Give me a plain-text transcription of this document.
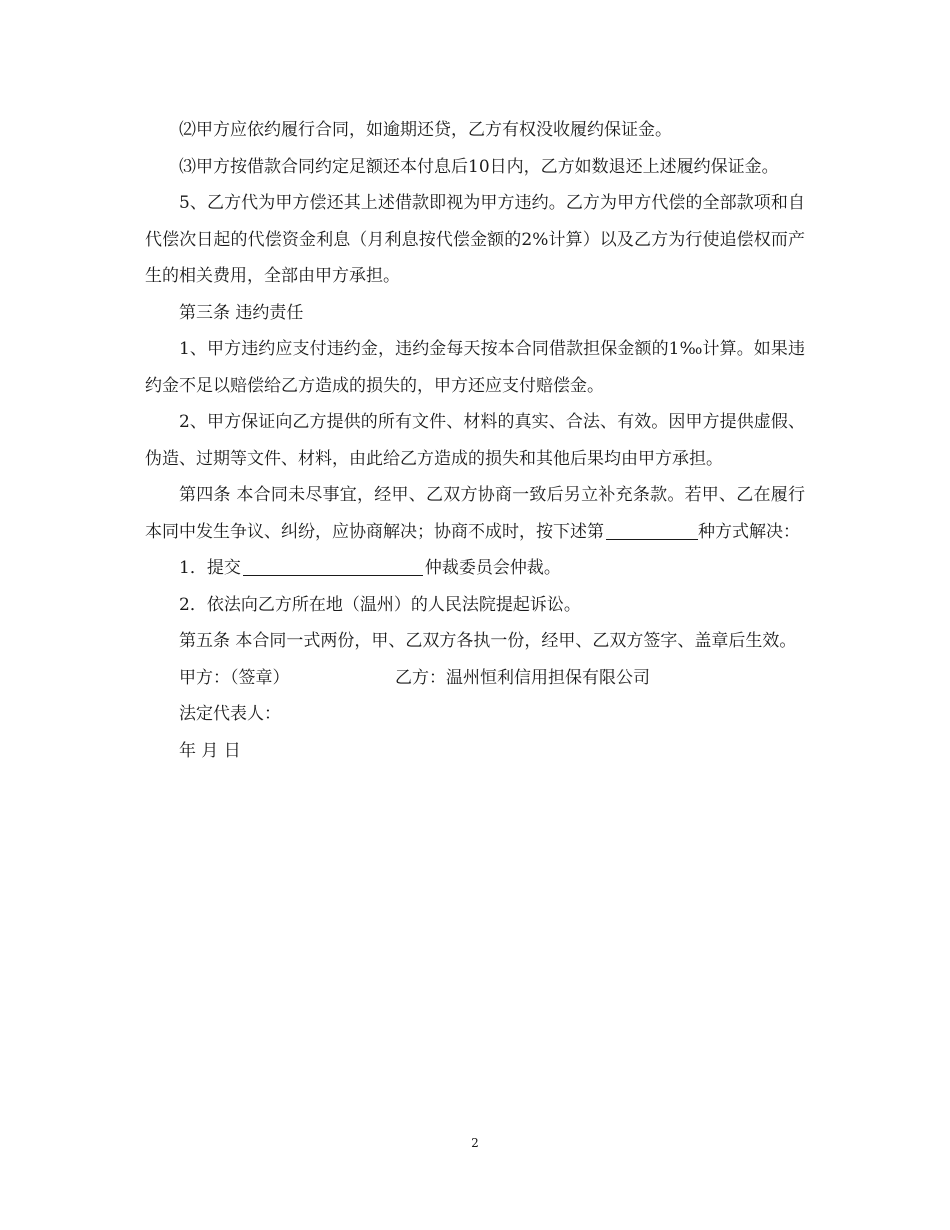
⑵甲方应依约履行合同，如逾期还贷，乙方有权没收履约保证金。

⑶甲方按借款合同约定足额还本付息后10日内，乙方如数退还上述履约保证金。

5、乙方代为甲方偿还其上述借款即视为甲方违约。乙方为甲方代偿的全部款项和自代偿次日起的代偿资金利息（月利息按代偿金额的2%计算）以及乙方为行使追偿权而产生的相关费用，全部由甲方承担。

第三条 违约责任

1、甲方违约应支付违约金，违约金每天按本合同借款担保金额的1‰计算。如果违约金不足以赔偿给乙方造成的损失的，甲方还应支付赔偿金。

2、甲方保证向乙方提供的所有文件、材料的真实、合法、有效。因甲方提供虚假、伪造、过期等文件、材料，由此给乙方造成的损失和其他后果均由甲方承担。

第四条 本合同未尽事宜，经甲、乙双方协商一致后另立补充条款。若甲、乙在履行本同中发生争议、纠纷，应协商解决；协商不成时，按下述第	种方式解决：

1．提交	仲裁委员会仲裁。

2．依法向乙方所在地（温州）的人民法院提起诉讼。

第五条 本合同一式两份，甲、乙双方各执一份，经甲、乙双方签字、盖章后生效。

甲方：（签章）	乙方：温州恒利信用担保有限公司
法定代表人：
年 月 日
2
